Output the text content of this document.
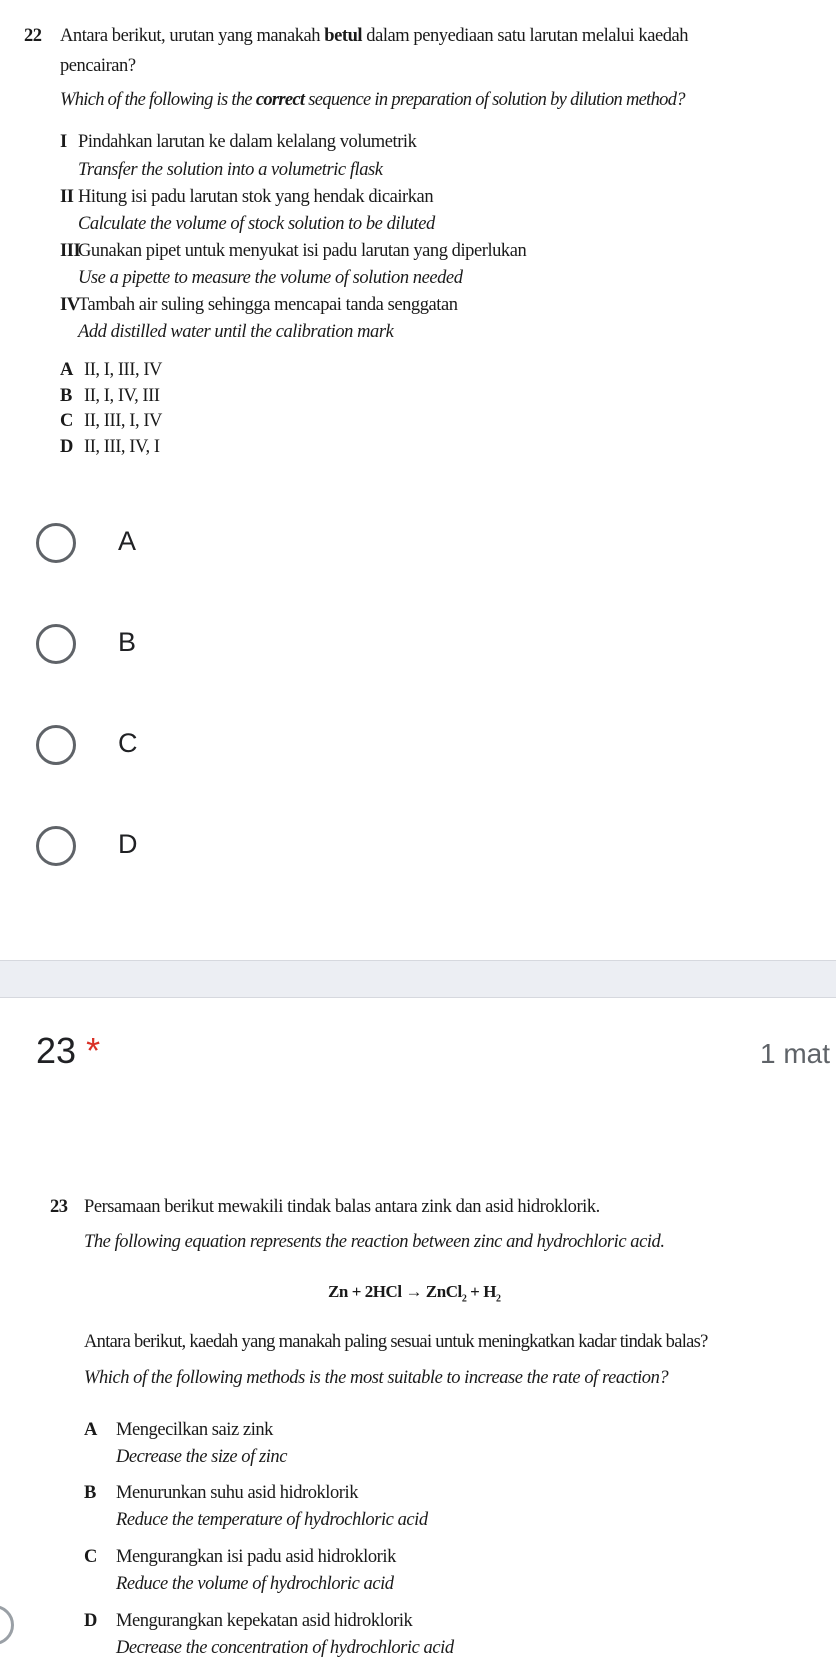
22 Antara berikut, urutan yang manakah betul dalam penyediaan satu larutan melalui kaedah
pencairan?
Which of the following is the correct sequence in preparation of solution by dilution method?
I Pindahkan larutan ke dalam kelalang volumetrik
Transfer the solution into a volumetric flask
II Hitung isi padu larutan stok yang hendak dicairkan
Calculate the volume of stock solution to be diluted
III
Gunakan pipet untuk menyukat isi padu larutan yang diperlukan
Use a pipette to measure the volume of solution needed
IV
Tambah air suling sehingga mencapai tanda senggatan
Add distilled water until the calibration mark
A II, I, III, IV
B II, I, IV, III
C II, III, I, IV
D II, III, IV, I
A
B
C
D
23 *	1 mat
23 Persamaan berikut mewakili tindak balas antara zink dan asid hidroklorik.
The following equation represents the reaction between zinc and hydrochloric acid.
Zn + 2HCl → ZnCl$_2$ + $H_2$
Antara berikut, kaedah yang manakah paling sesuai untuk meningkatkan kadar tindak balas?
Which of the following methods is the most suitable to increase the rate of reaction?
A Mengecilkan saiz zink
Decrease the size of zinc
B Menurunkan suhu asid hidroklorik
Reduce the temperature of hydrochloric acid
C Mengurangkan isi padu asid hidroklorik
Reduce the volume of hydrochloric acid
D Mengurangkan kepekatan asid hidroklorik
Decrease the concentration of hydrochloric acid
